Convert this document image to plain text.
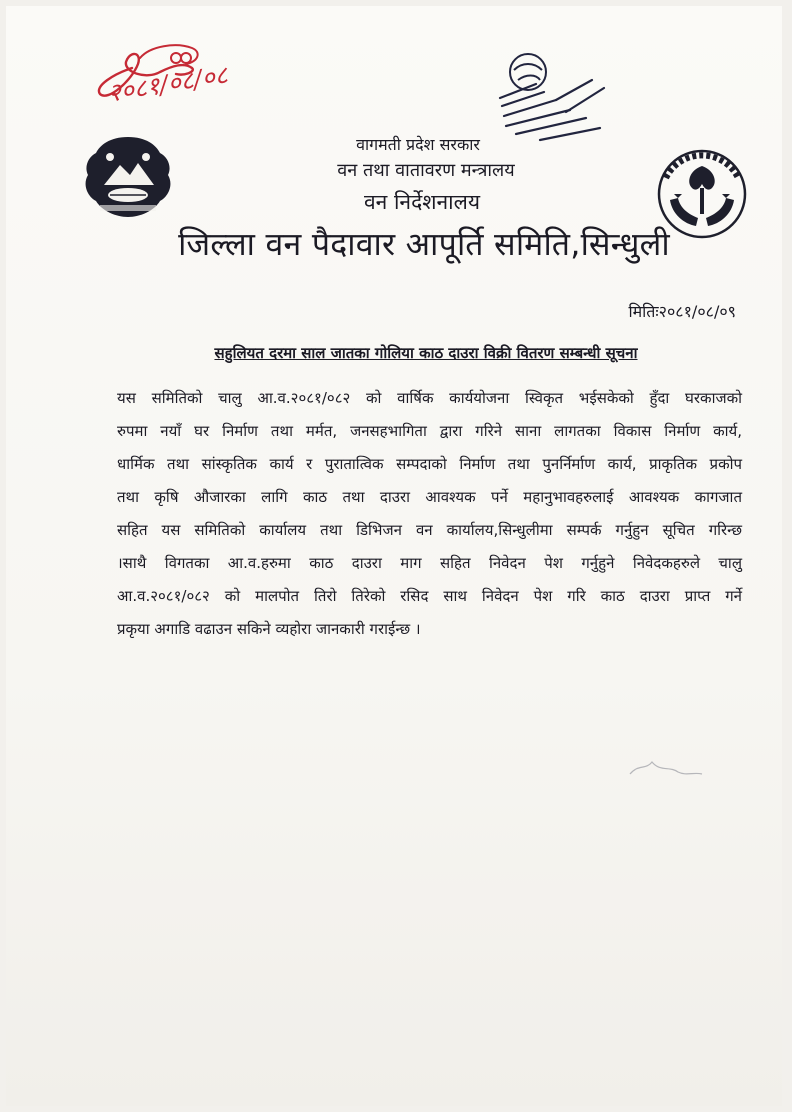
२०८१/०८/०८
वागमती प्रदेश सरकार
वन तथा वातावरण मन्त्रालय
वन निर्देशनालय
जिल्ला वन पैदावार आपूर्ति समिति,सिन्धुली
मितिः२०८१/०८/०९
सहुलियत दरमा साल जातका गोलिया काठ दाउरा विक्री वितरण सम्बन्धी सूचना
यस समितिको चालु आ.व.२०८१/०८२ को वार्षिक कार्ययोजना स्विकृत भईसकेको हुँदा घरकाजको
रुपमा नयाँ घर निर्माण तथा मर्मत, जनसहभागिता द्वारा गरिने साना लागतका विकास निर्माण कार्य,
धार्मिक तथा सांस्कृतिक कार्य र पुरातात्विक सम्पदाको निर्माण तथा पुनर्निर्माण कार्य, प्राकृतिक प्रकोप
तथा कृषि औजारका लागि काठ तथा दाउरा आवश्यक पर्ने महानुभावहरुलाई आवश्यक कागजात
सहित यस समितिको कार्यालय तथा डिभिजन वन कार्यालय,सिन्धुलीमा सम्पर्क गर्नुहुन सूचित गरिन्छ
।साथै विगतका आ.व.हरुमा काठ दाउरा माग सहित निवेदन पेश गर्नुहुने निवेदकहरुले चालु
आ.व.२०८१/०८२ को मालपोत तिरो तिरेको रसिद साथ निवेदन पेश गरि काठ दाउरा प्राप्त गर्ने
प्रकृया अगाडि वढाउन सकिने व्यहोरा जानकारी गराईन्छ ।
